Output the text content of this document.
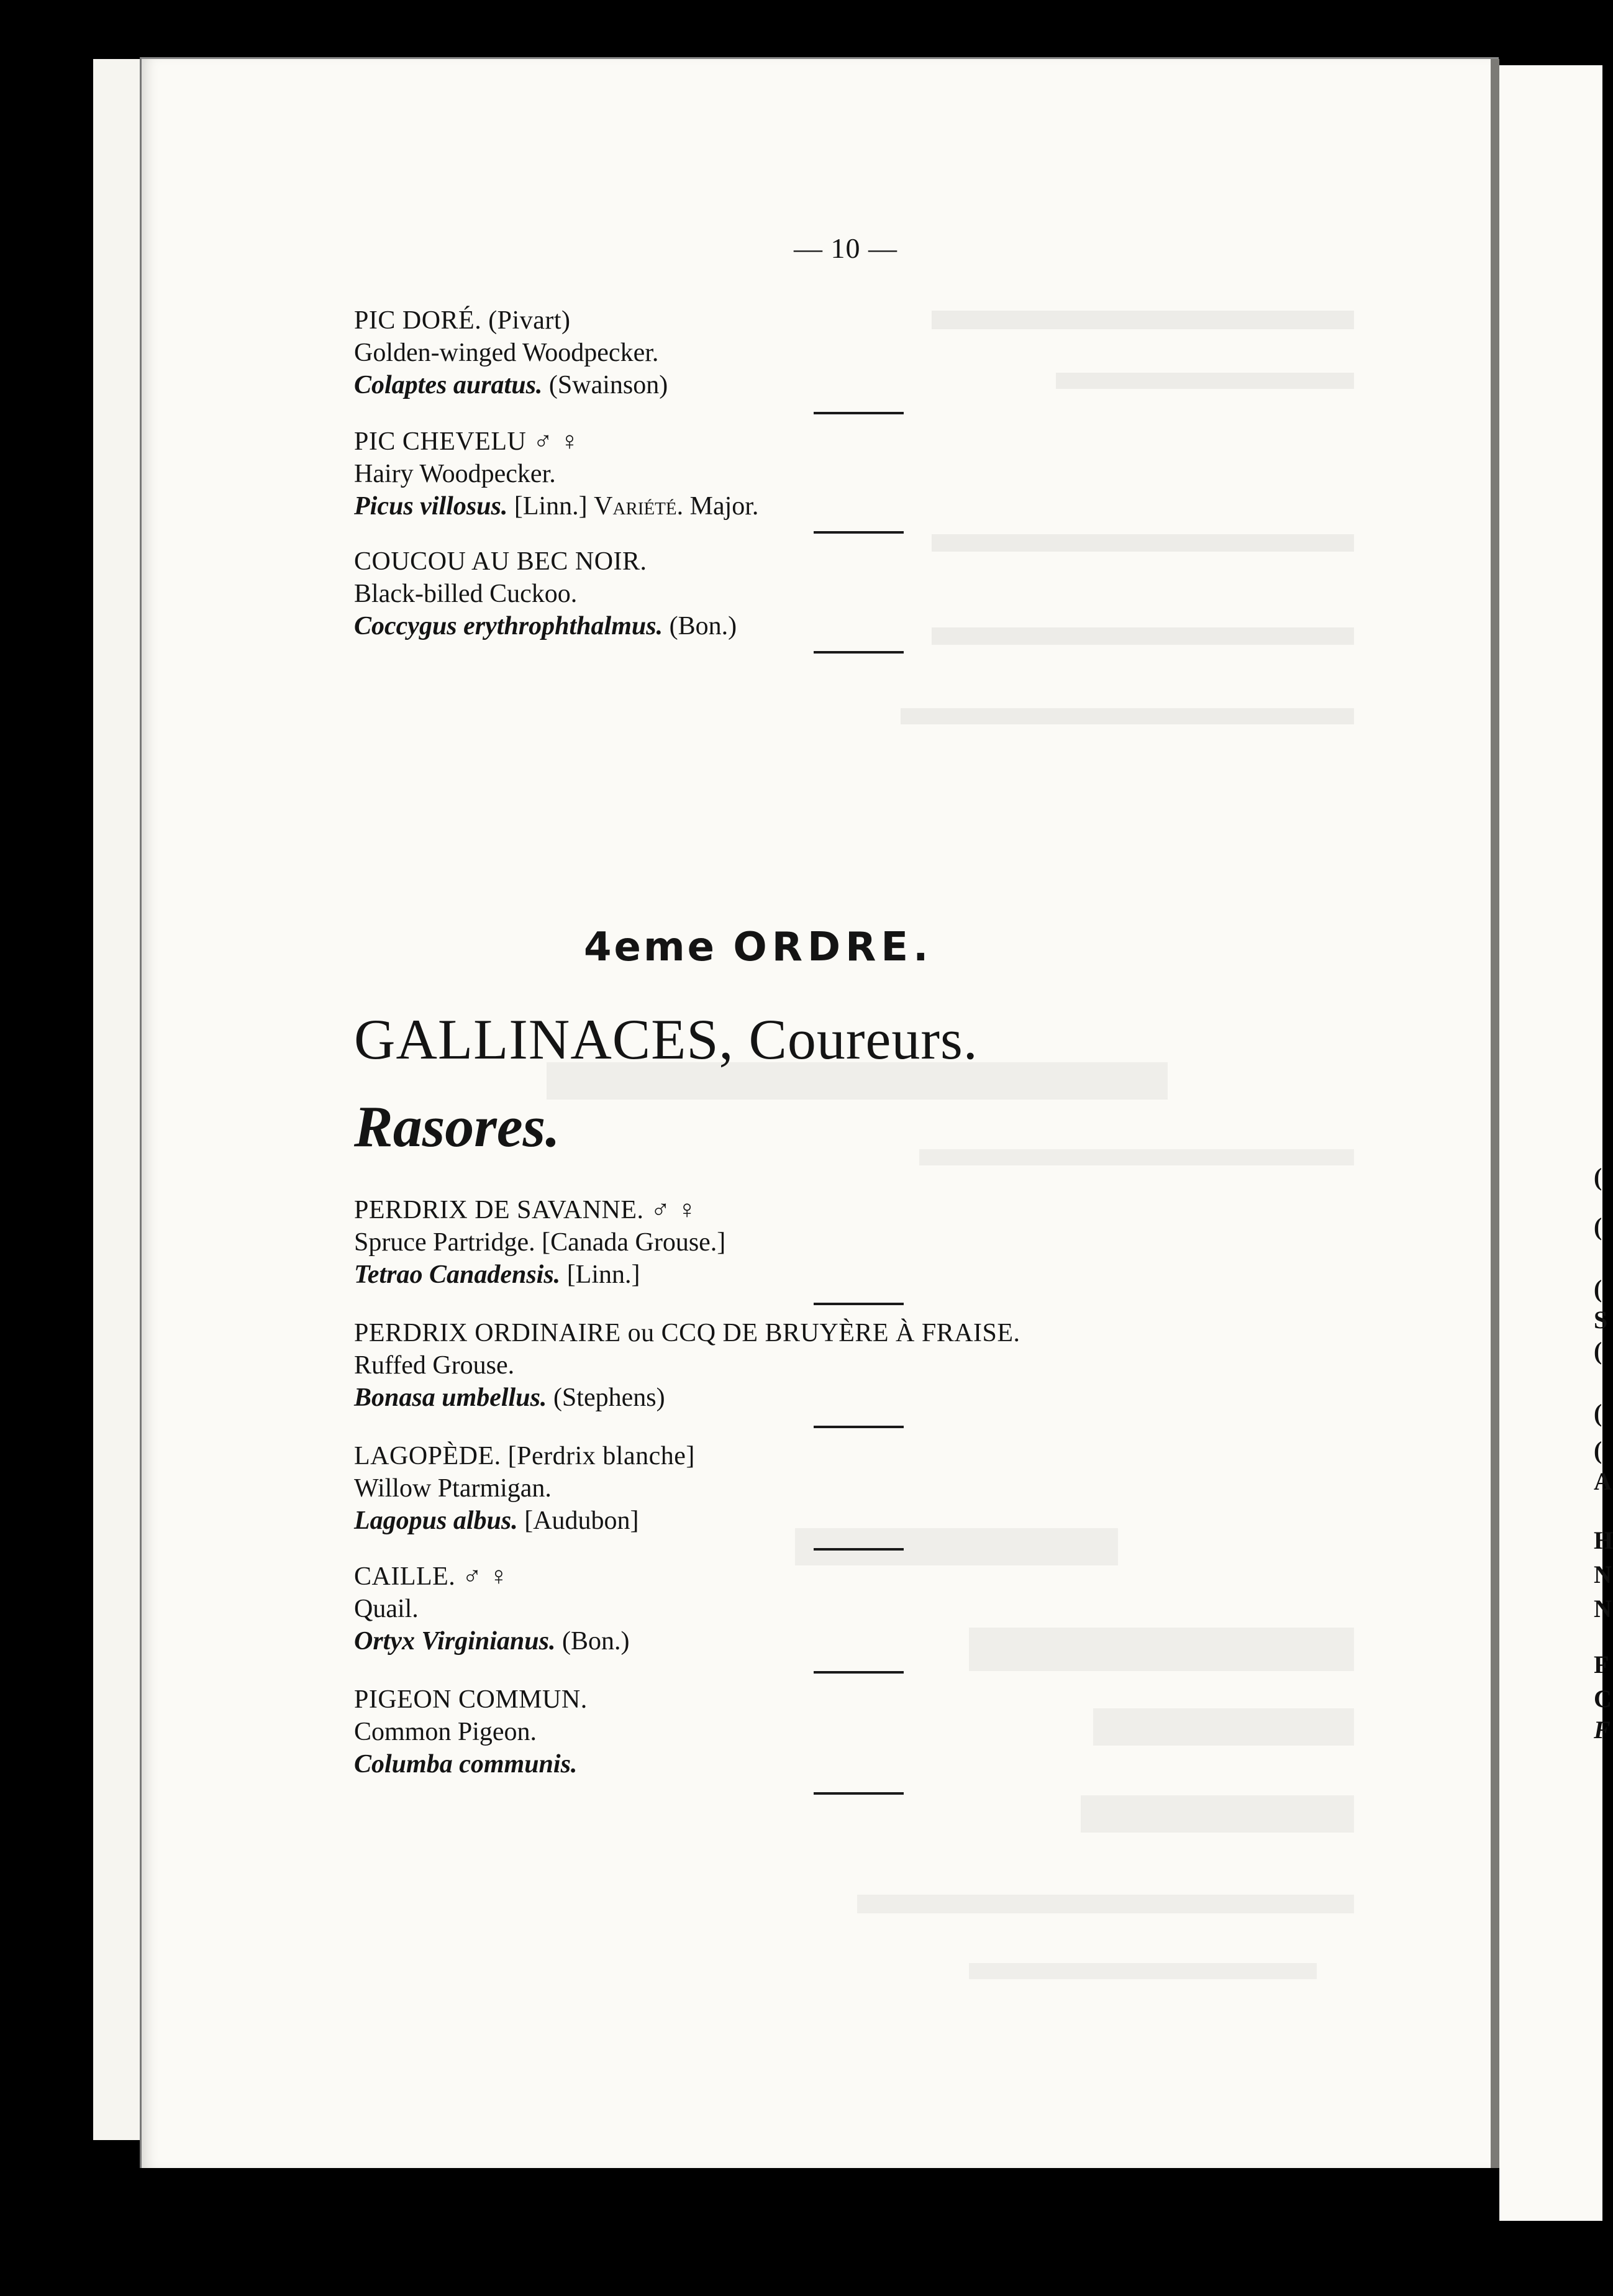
— 10 —

PIC DORÉ. (Pivart)

Golden-winged Woodpecker.

Colaptes auratus. (Swainson)

PIC CHEVELU ♂ ♀

Hairy Woodpecker.

Picus villosus. [Linn.] Variété. Major.

COUCOU AU BEC NOIR.

Black-billed Cuckoo.

Coccygus erythrophthalmus. (Bon.)

4eme ORDRE.

GALLINACES, Coureurs.

Rasores.

PERDRIX DE SAVANNE. ♂ ♀

Spruce Partridge. [Canada Grouse.]

Tetrao Canadensis. [Linn.]

PERDRIX ORDINAIRE ou CCQ DE BRUYÈRE À FRAISE.

Ruffed Grouse.

Bonasa umbellus. (Stephens)

LAGOPÈDE. [Perdrix blanche]

Willow Ptarmigan.

Lagopus albus. [Audubon]

CAILLE. ♂ ♀

Quail.

Ortyx Virginianus. (Bon.)

PIGEON COMMUN.

Common Pigeon.

Columba communis.

(

(

(

S

(

(

(

A

H

N

N

F

C

F
